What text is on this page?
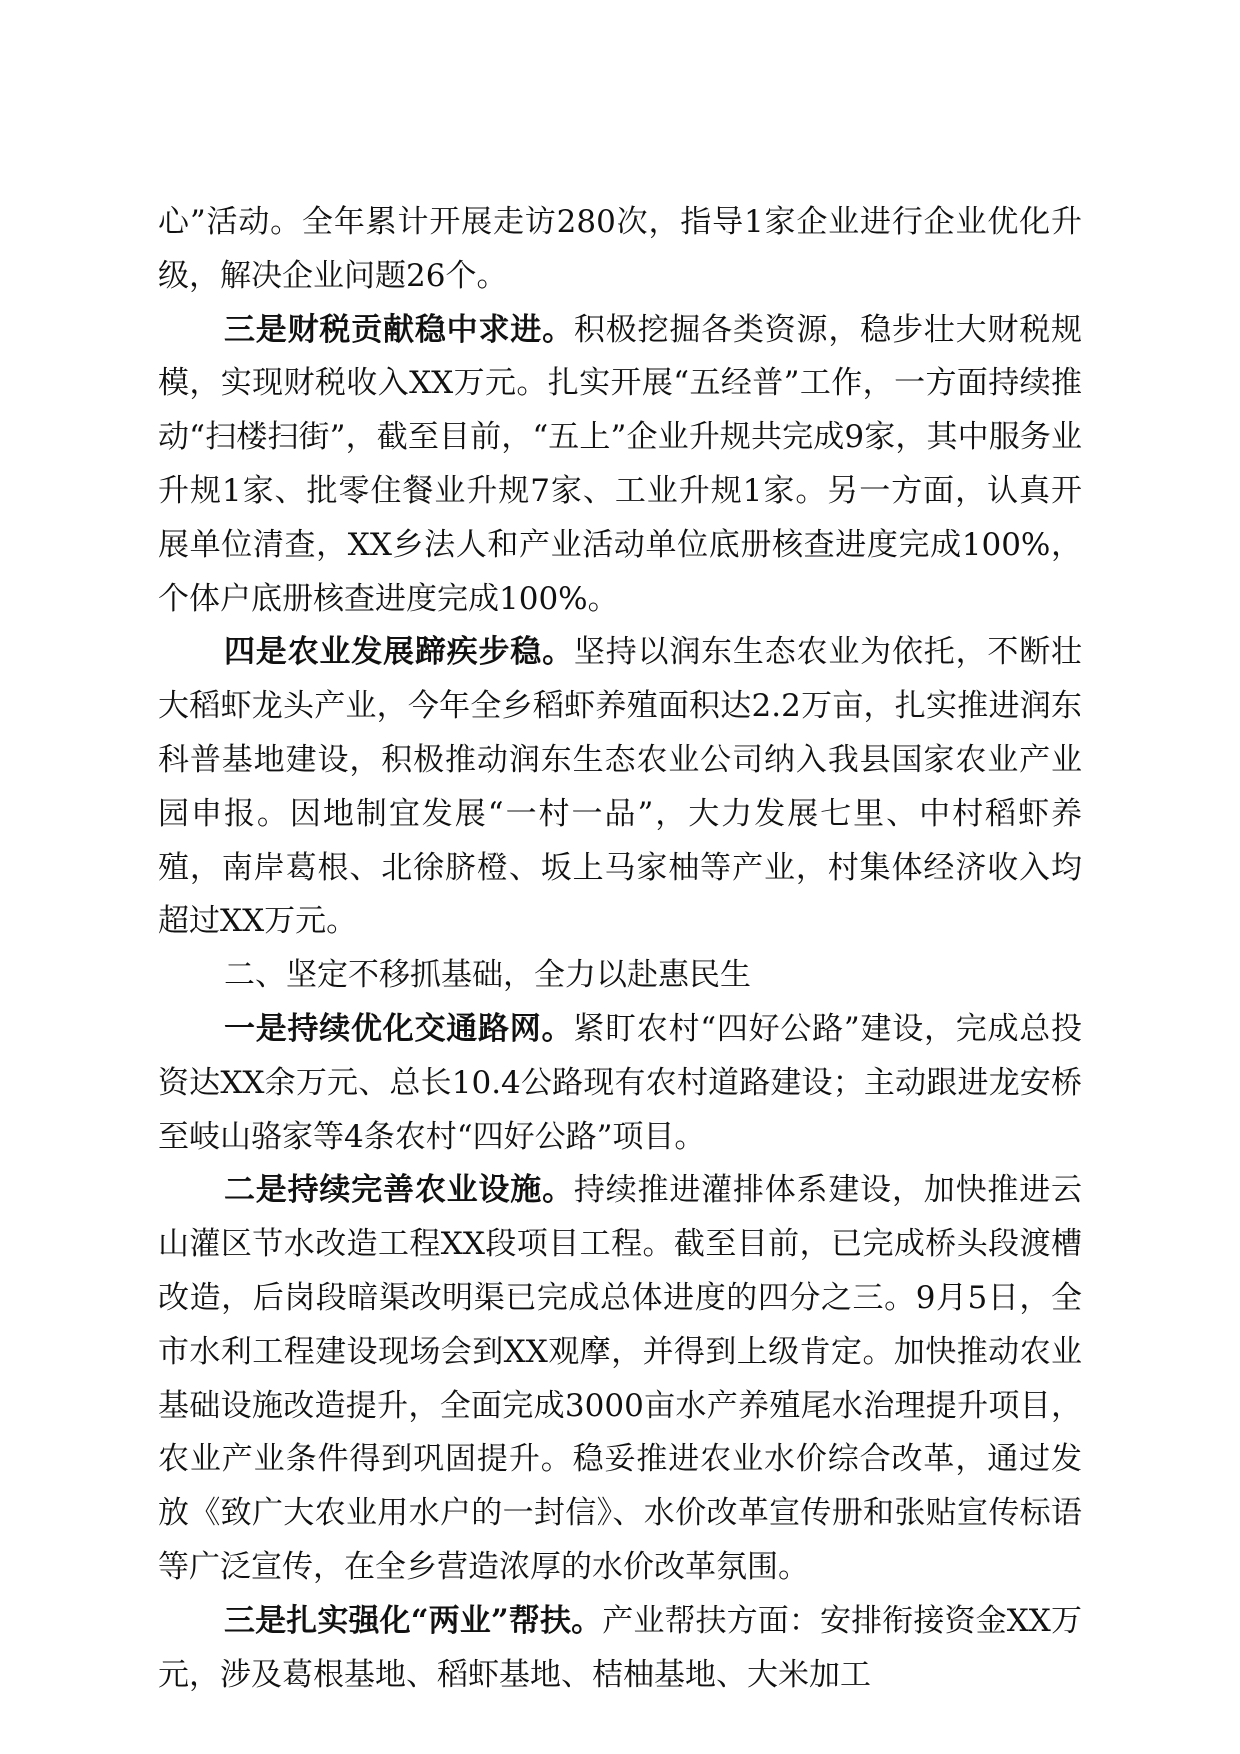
心”活动。全年累计开展走访280次，指导1家企业进行企业优化升级，解决企业问题26个。

三是财税贡献稳中求进。积极挖掘各类资源，稳步壮大财税规模，实现财税收入XX万元。扎实开展“五经普”工作，一方面持续推动“扫楼扫街”，截至目前，“五上”企业升规共完成9家，其中服务业升规1家、批零住餐业升规7家、工业升规1家。另一方面，认真开展单位清查，XX乡法人和产业活动单位底册核查进度完成100%，个体户底册核查进度完成100%。

四是农业发展蹄疾步稳。坚持以润东生态农业为依托，不断壮大稻虾龙头产业，今年全乡稻虾养殖面积达2.2万亩，扎实推进润东科普基地建设，积极推动润东生态农业公司纳入我县国家农业产业园申报。因地制宜发展“一村一品”，大力发展七里、中村稻虾养殖，南岸葛根、北徐脐橙、坂上马家柚等产业，村集体经济收入均超过XX万元。

二、坚定不移抓基础，全力以赴惠民生

一是持续优化交通路网。紧盯农村“四好公路”建设，完成总投资达XX余万元、总长10.4公路现有农村道路建设；主动跟进龙安桥至岐山骆家等4条农村“四好公路”项目。

二是持续完善农业设施。持续推进灌排体系建设，加快推进云山灌区节水改造工程XX段项目工程。截至目前，已完成桥头段渡槽改造，后岗段暗渠改明渠已完成总体进度的四分之三。9月5日，全市水利工程建设现场会到XX观摩，并得到上级肯定。加快推动农业基础设施改造提升，全面完成3000亩水产养殖尾水治理提升项目，农业产业条件得到巩固提升。稳妥推进农业水价综合改革，通过发放《致广大农业用水户的一封信》、水价改革宣传册和张贴宣传标语等广泛宣传，在全乡营造浓厚的水价改革氛围。

三是扎实强化“两业”帮扶。产业帮扶方面：安排衔接资金XX万元，涉及葛根基地、稻虾基地、桔柚基地、大米加工
